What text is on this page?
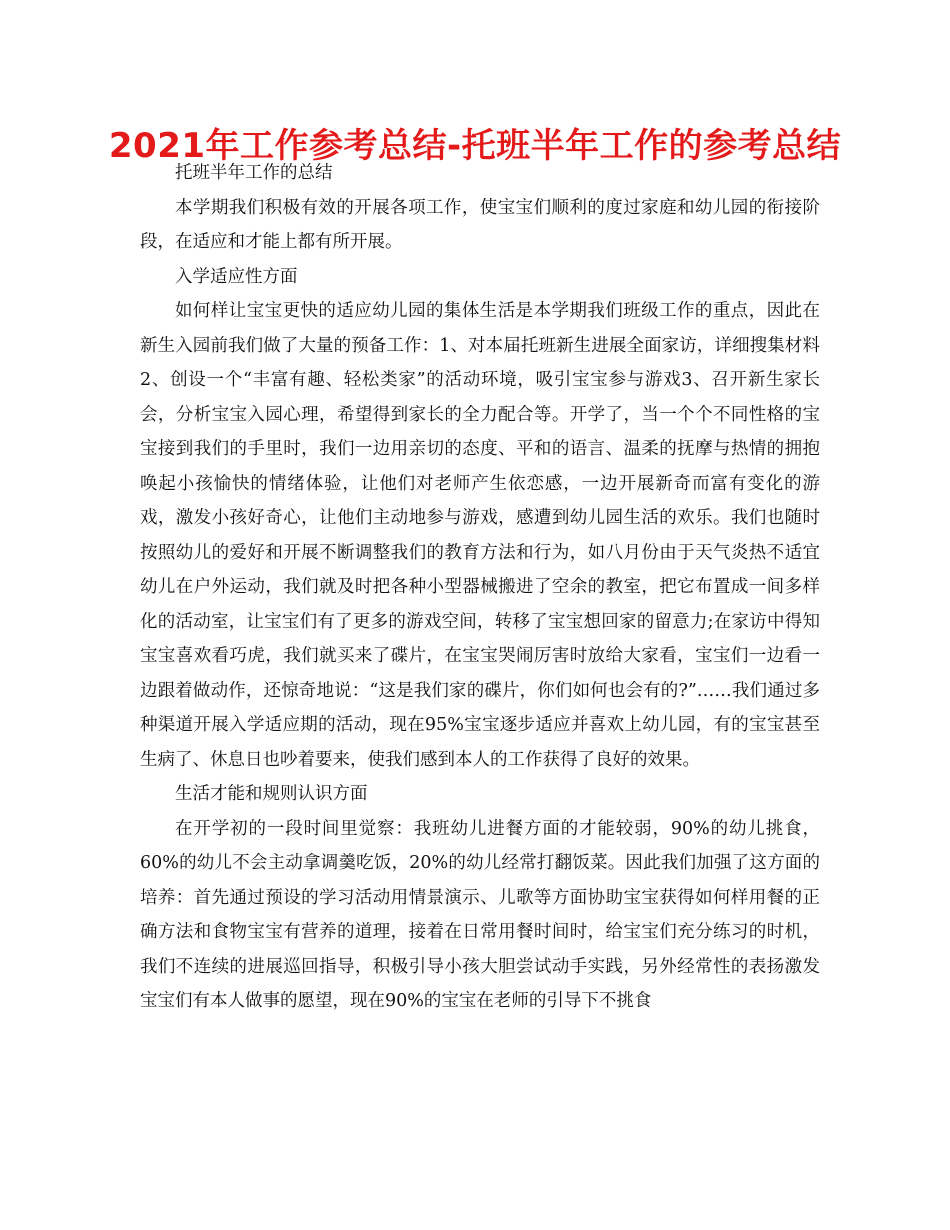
2021年工作参考总结-托班半年工作的参考总结

托班半年工作的总结

本学期我们积极有效的开展各项工作，使宝宝们顺利的度过家庭和幼儿园的衔接阶段，在适应和才能上都有所开展。

入学适应性方面

如何样让宝宝更快的适应幼儿园的集体生活是本学期我们班级工作的重点，因此在新生入园前我们做了大量的预备工作：1、对本届托班新生进展全面家访，详细搜集材料2、创设一个“丰富有趣、轻松类家”的活动环境，吸引宝宝参与游戏3、召开新生家长会，分析宝宝入园心理，希望得到家长的全力配合等。开学了，当一个个不同性格的宝宝接到我们的手里时，我们一边用亲切的态度、平和的语言、温柔的抚摩与热情的拥抱唤起小孩愉快的情绪体验，让他们对老师产生依恋感，一边开展新奇而富有变化的游戏，激发小孩好奇心，让他们主动地参与游戏，感遭到幼儿园生活的欢乐。我们也随时按照幼儿的爱好和开展不断调整我们的教育方法和行为，如八月份由于天气炎热不适宜幼儿在户外运动，我们就及时把各种小型器械搬进了空余的教室，把它布置成一间多样化的活动室，让宝宝们有了更多的游戏空间，转移了宝宝想回家的留意力;在家访中得知宝宝喜欢看巧虎，我们就买来了碟片，在宝宝哭闹厉害时放给大家看，宝宝们一边看一边跟着做动作，还惊奇地说：“这是我们家的碟片，你们如何也会有的?”……我们通过多种渠道开展入学适应期的活动，现在95%宝宝逐步适应并喜欢上幼儿园，有的宝宝甚至生病了、休息日也吵着要来，使我们感到本人的工作获得了良好的效果。

生活才能和规则认识方面

在开学初的一段时间里觉察：我班幼儿进餐方面的才能较弱，90%的幼儿挑食，60%的幼儿不会主动拿调羹吃饭，20%的幼儿经常打翻饭菜。因此我们加强了这方面的培养：首先通过预设的学习活动用情景演示、儿歌等方面协助宝宝获得如何样用餐的正确方法和食物宝宝有营养的道理，接着在日常用餐时间时，给宝宝们充分练习的时机，我们不连续的进展巡回指导，积极引导小孩大胆尝试动手实践，另外经常性的表扬激发宝宝们有本人做事的愿望，现在90%的宝宝在老师的引导下不挑食
